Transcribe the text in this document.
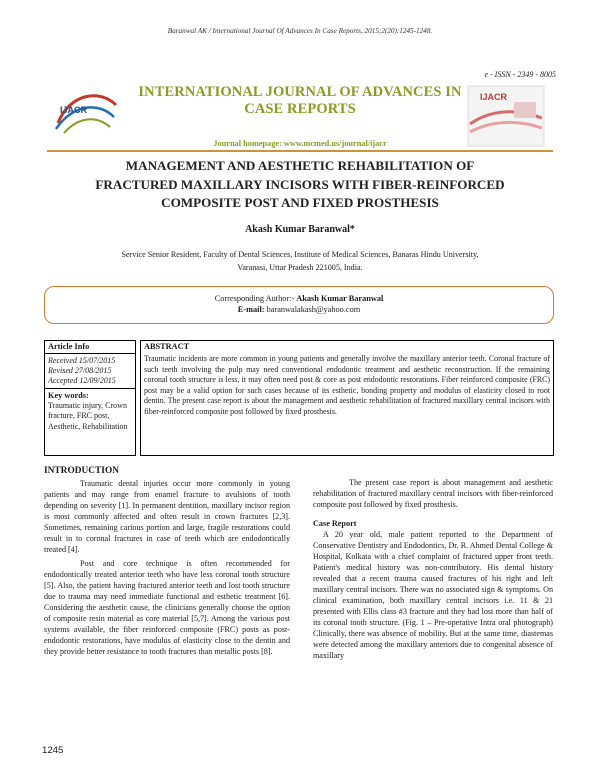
Baranwal AK / International Journal Of Advances In Case Reports, 2015;2(20):1245-1248.
e - ISSN - 2349 - 8005
IJACR
INTERNATIONAL JOURNAL OF ADVANCES IN
CASE REPORTS
IJACR
Journal homepage: www.mcmed.us/journal/ijacr
MANAGEMENT AND AESTHETIC REHABILITATION OF
FRACTURED MAXILLARY INCISORS WITH FIBER-REINFORCED
COMPOSITE POST AND FIXED PROSTHESIS
Akash Kumar Baranwal*
Service Senior Resident, Faculty of Dental Sciences, Institute of Medical Sciences, Banaras Hindu University,
Varanasi, Uttar Pradesh 221005, India.
Corresponding Author:- Akash Kumar Baranwal
E-mail: baranwalakash@yahoo.com
Article Info
Received 15/07/2015
Revised 27/08/2015
Accepted 12/09/2015
Key words:
Traumatic injury, Crown fracture, FRC post, Aesthetic, Rehabilitation
ABSTRACT
Traumatic incidents are more common in young patients and generally involve the maxillary anterior teeth. Coronal fracture of such teeth involving the pulp may need conventional endodontic treatment and aesthetic reconstruction. If the remaining coronal tooth structure is less, it may often need post & core as post endodontic restorations. Fiber reinforced composite (FRC) post may be a valid option for such cases because of its esthetic, bonding property and modulus of elasticity closed to root dentin. The present case report is about the management and aesthetic rehabilitation of fractured maxillary central incisors with fiber-reinforced composite post followed by fixed prosthesis.
INTRODUCTION

Traumatic dental injuries occur more commonly in young patients and may range from enamel fracture to avulsions of tooth depending on severity [1]. In permanent dentition, maxillary incisor region is most commonly affected and often result in crown fractures [2,3]. Sometimes, remaining carious portion and large, fragile restorations could result in to coronal fractures in case of teeth which are endodontically treated [4].

Post and core technique is often recommended for endodontically treated anterior teeth who have less coronal tooth structure [5]. Also, the patient having fractured anterior teeth and lost tooth structure due to trauma may need immediate functional and esthetic treatment [6]. Considering the aesthetic cause, the clinicians generally choose the option of composite resin material as core material [5,7]. Among the various post systems available, the fiber reinforced composite (FRC) posts as post-endodontic restorations, have modulus of elasticity close to the dentin and they provide better resistance to tooth fractures than metallic posts [8].

The present case report is about management and aesthetic rehabilitation of fractured maxillary central incisors with fiber-reinforced composite post followed by fixed prosthesis.

Case Report

A 20 year old, male patient reported to the Department of Conservative Dentistry and Endodontics, Dr. R. Ahmed Dental College & Hospital, Kolkata with a chief complaint of fractured upper front teeth. Patient's medical history was non-contributory. His dental history revealed that a recent trauma caused fractures of his right and left maxillary central incisors. There was no associated sign & symptoms. On clinical examination, both maxillary central incisors i.e. 11 & 21 presented with Ellis class #3 fracture and they had lost more than half of its coronal tooth structure. (Fig. 1 – Pre-operative Intra oral photograph) Clinically, there was absence of mobility. But at the same time, diastemas were detected among the maxillary anteriors due to congenital absence of maxillary

1245
